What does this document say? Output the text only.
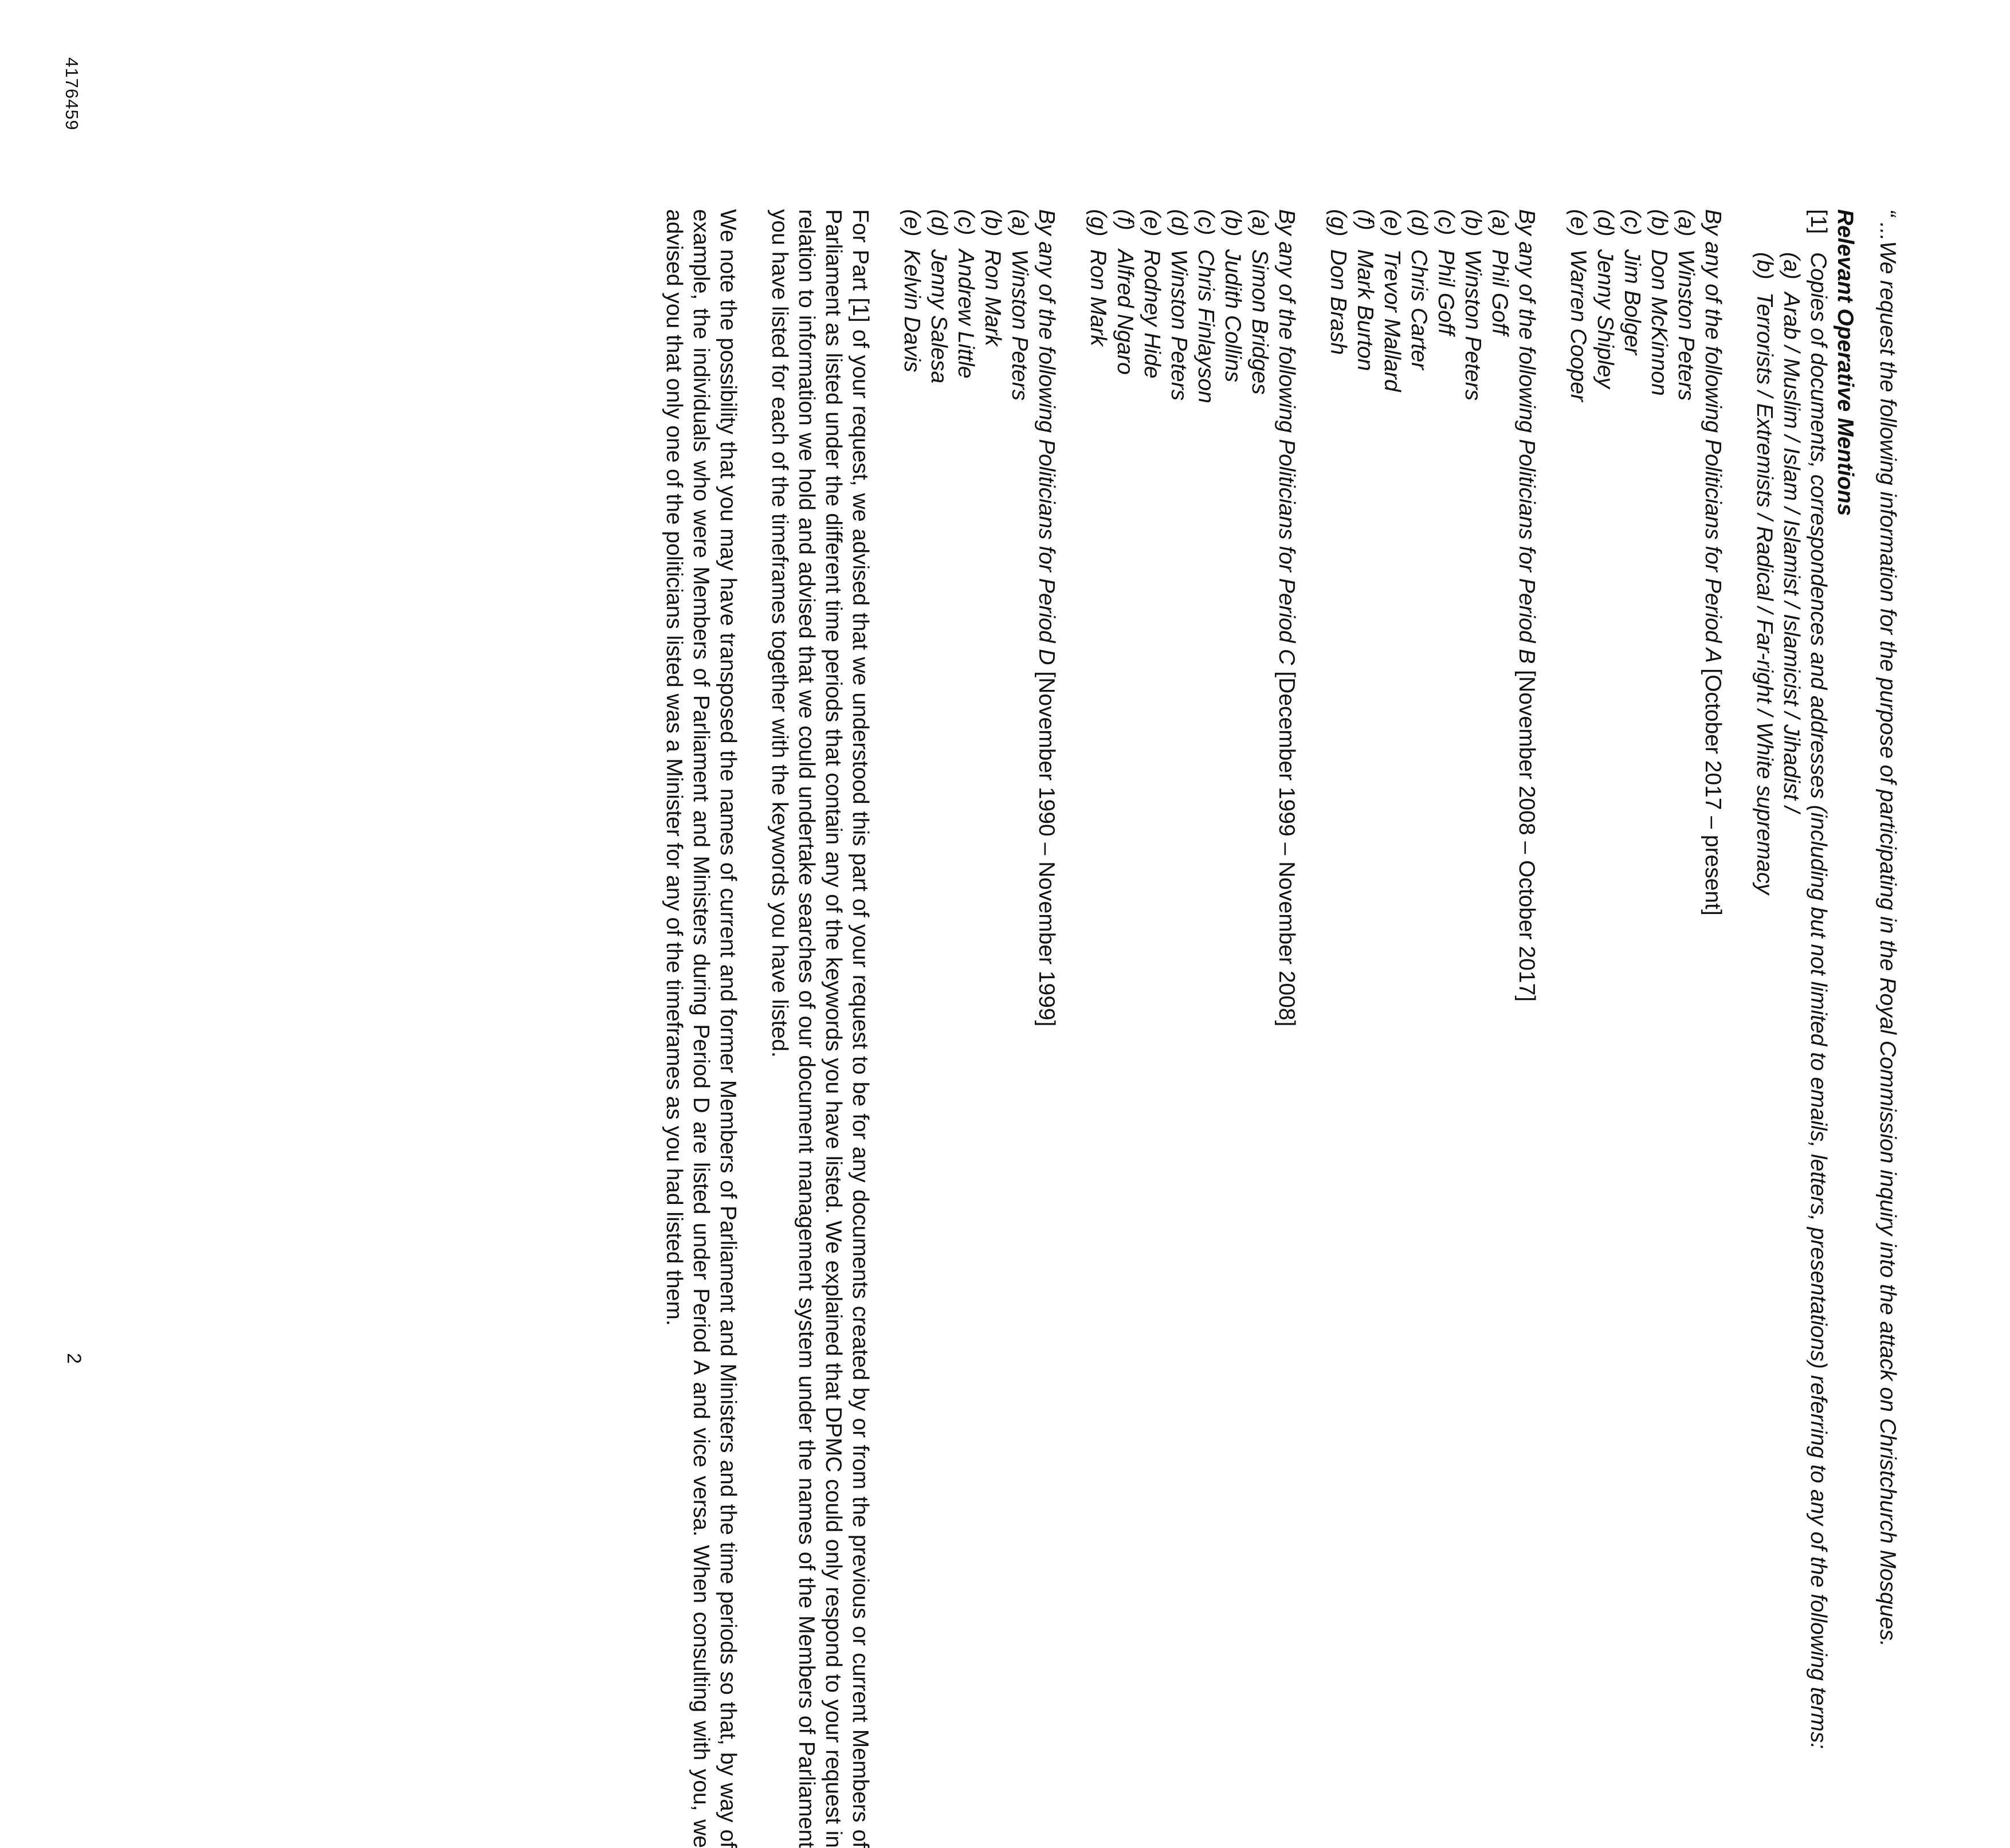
“...We request the following information for the purpose of participating in the Royal Commission inquiry into the attack on Christchurch Mosques.

Relevant Operative Mentions

[1]
Copies of documents, correspondences and addresses (including but not limited to emails, letters, presentations) referring to any of the following terms:
(a)
Arab / Muslim / Islam / Islamist / Islamicist / Jihadist /
(b)
Terrorists / Extremists / Radical / Far-right / White supremacy

By any of the following Politicians for Period A [October 2017 – present]

(a)
Winston Peters
(b)
Don McKinnon
(c)
Jim Bolger
(d)
Jenny Shipley
(e)
Warren Cooper

By any of the following Politicians for Period B [November 2008 – October 2017]

(a)
Phil Goff
(b)
Winston Peters
(c)
Phil Goff
(d)
Chris Carter
(e)
Trevor Mallard
(f)
Mark Burton
(g)
Don Brash

By any of the following Politicians for Period C [December 1999 – November 2008]

(a)
Simon Bridges
(b)
Judith Collins
(c)
Chris Finlayson
(d)
Winston Peters
(e)
Rodney Hide
(f)
Alfred Ngaro
(g)
Ron Mark

By any of the following Politicians for Period D [November 1990 – November 1999]

(a)
Winston Peters
(b)
Ron Mark
(c)
Andrew Little
(d)
Jenny Salesa
(e)
Kelvin Davis

For Part [1] of your request, we advised that we understood this part of your request to be for any documents created by or from the previous or current Members of Parliament as listed under the different time periods that contain any of the keywords you have listed. We explained that DPMC could only respond to your request in relation to information we hold and advised that we could undertake searches of our document management system under the names of the Members of Parliament you have listed for each of the timeframes together with the keywords you have listed.

We note the possibility that you may have transposed the names of current and former Members of Parliament and Ministers and the time periods so that, by way of example, the individuals who were Members of Parliament and Ministers during Period D are listed under Period A and vice versa. When consulting with you, we advised you that only one of the politicians listed was a Minister for any of the timeframes as you had listed them.

4176459
2
